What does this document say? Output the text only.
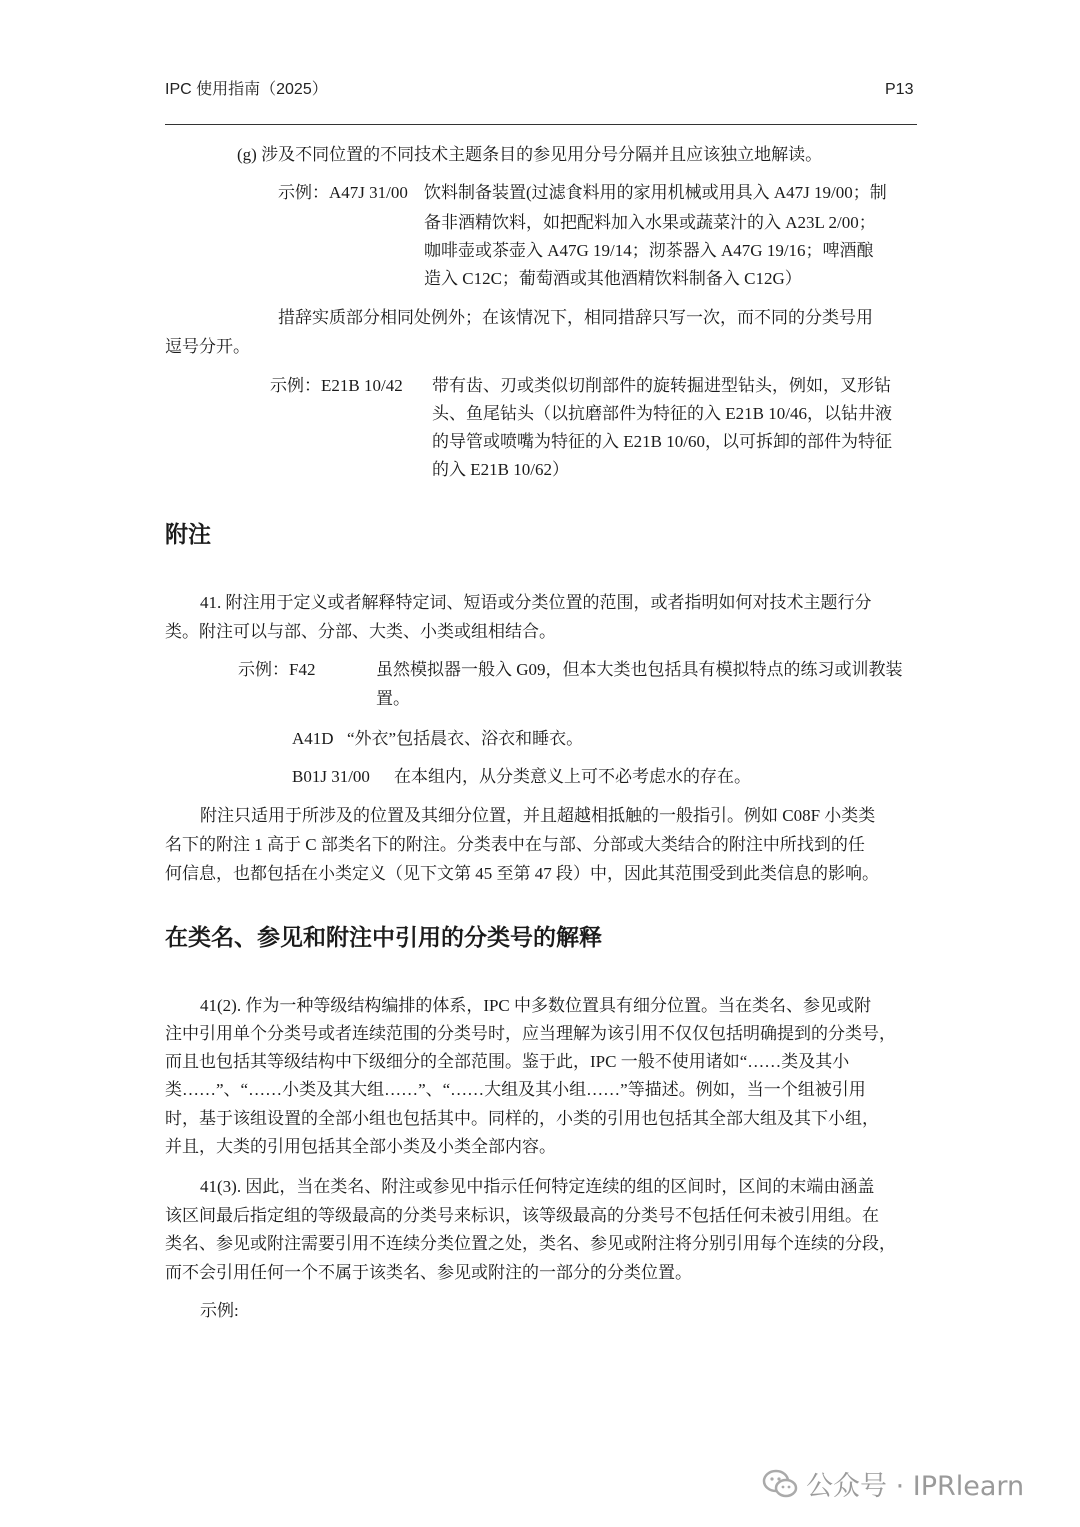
IPC 使用指南（2025）	P13
(g) 涉及不同位置的不同技术主题条目的参见用分号分隔并且应该独立地解读。
示例：A47J 31/00 饮料制备装置(过滤食料用的家用机械或用具入 A47J 19/00；制
备非酒精饮料，如把配料加入水果或蔬菜汁的入 A23L 2/00；
咖啡壶或茶壶入 A47G 19/14；沏茶器入 A47G 19/16；啤酒酿
造入 C12C；葡萄酒或其他酒精饮料制备入 C12G）
措辞实质部分相同处例外；在该情况下，相同措辞只写一次，而不同的分类号用
逗号分开。
示例：E21B 10/42 带有齿、刃或类似切削部件的旋转掘进型钻头，例如，叉形钻
头、鱼尾钻头（以抗磨部件为特征的入 E21B 10/46，以钻井液
的导管或喷嘴为特征的入 E21B 10/60，以可拆卸的部件为特征
的入 E21B 10/62）
附注
41. 附注用于定义或者解释特定词、短语或分类位置的范围，或者指明如何对技术主题行分
类。附注可以与部、分部、大类、小类或组相结合。
示例：F42	虽然模拟器一般入 G09，但本大类也包括具有模拟特点的练习或训教装
置。
A41D “外衣”包括晨衣、浴衣和睡衣。
B01J 31/00 在本组内，从分类意义上可不必考虑水的存在。
附注只适用于所涉及的位置及其细分位置，并且超越相抵触的一般指引。例如 C08F 小类类
名下的附注 1 高于 C 部类名下的附注。分类表中在与部、分部或大类结合的附注中所找到的任
何信息，也都包括在小类定义（见下文第 45 至第 47 段）中，因此其范围受到此类信息的影响。
在类名、参见和附注中引用的分类号的解释
41(2). 作为一种等级结构编排的体系，IPC 中多数位置具有细分位置。当在类名、参见或附
注中引用单个分类号或者连续范围的分类号时，应当理解为该引用不仅仅包括明确提到的分类号，
而且也包括其等级结构中下级细分的全部范围。鉴于此，IPC 一般不使用诸如“……类及其小
类……”、“……小类及其大组……”、“……大组及其小组……”等描述。例如，当一个组被引用
时，基于该组设置的全部小组也包括其中。同样的，小类的引用也包括其全部大组及其下小组，
并且，大类的引用包括其全部小类及小类全部内容。
41(3). 因此，当在类名、附注或参见中指示任何特定连续的组的区间时，区间的末端由涵盖
该区间最后指定组的等级最高的分类号来标识，该等级最高的分类号不包括任何未被引用组。在
类名、参见或附注需要引用不连续分类位置之处，类名、参见或附注将分别引用每个连续的分段，
而不会引用任何一个不属于该类名、参见或附注的一部分的分类位置。
示例:
公众号 · IPRlearn
